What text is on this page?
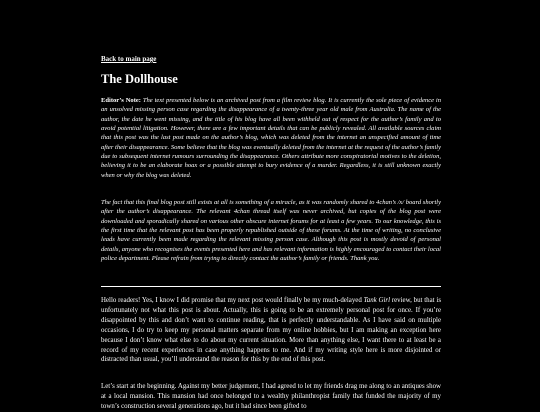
Back to main page
The Dollhouse
Editor’s Note: The text presented below is an archived post from a film review blog. It is currently the sole piece of evidence in an unsolved missing person case regarding the disappearance of a twenty-three year old male from Australia. The name of the author, the date he went missing, and the title of his blog have all been withheld out of respect for the author’s family and to avoid potential litigation. However, there are a few important details that can be publicly revealed. All available sources claim that this post was the last post made on the author’s blog, which was deleted from the internet an unspecified amount of time after their disappearance. Some believe that the blog was eventually deleted from the internet at the request of the author’s family due to subsequent internet rumours surrounding the disappearance. Others attribute more conspiratorial motives to the deletion, believing it to be an elaborate hoax or a possible attempt to bury evidence of a murder. Regardless, it is still unknown exactly when or why the blog was deleted.
The fact that this final blog post still exists at all is something of a miracle, as it was randomly shared to 4chan’s /x/ board shortly after the author’s disappearance. The relevant 4chan thread itself was never archived, but copies of the blog post were downloaded and sporadically shared on various other obscure internet forums for at least a few years. To our knowledge, this is the first time that the relevant post has been properly republished outside of these forums. At the time of writing, no conclusive leads have currently been made regarding the relevant missing person case. Although this post is mostly devoid of personal details, anyone who recognises the events presented here and has relevant information is highly encouraged to contact their local police department. Please refrain from trying to directly contact the author’s family or friends. Thank you.
Hello readers! Yes, I know I did promise that my next post would finally be my much-delayed Tank Girl review, but that is unfortunately not what this post is about. Actually, this is going to be an extremely personal post for once. If you’re disappointed by this and don’t want to continue reading, that is perfectly understandable. As I have said on multiple occasions, I do try to keep my personal matters separate from my online hobbies, but I am making an exception here because I don’t know what else to do about my current situation. More than anything else, I want there to at least be a record of my recent experiences in case anything happens to me. And if my writing style here is more disjointed or distracted than usual, you’ll understand the reason for this by the end of this post.
Let’s start at the beginning. Against my better judgement, I had agreed to let my friends drag me along to an antiques show at a local mansion. This mansion had once belonged to a wealthy philanthropist family that funded the majority of my town’s construction several generations ago, but it had since been gifted to
